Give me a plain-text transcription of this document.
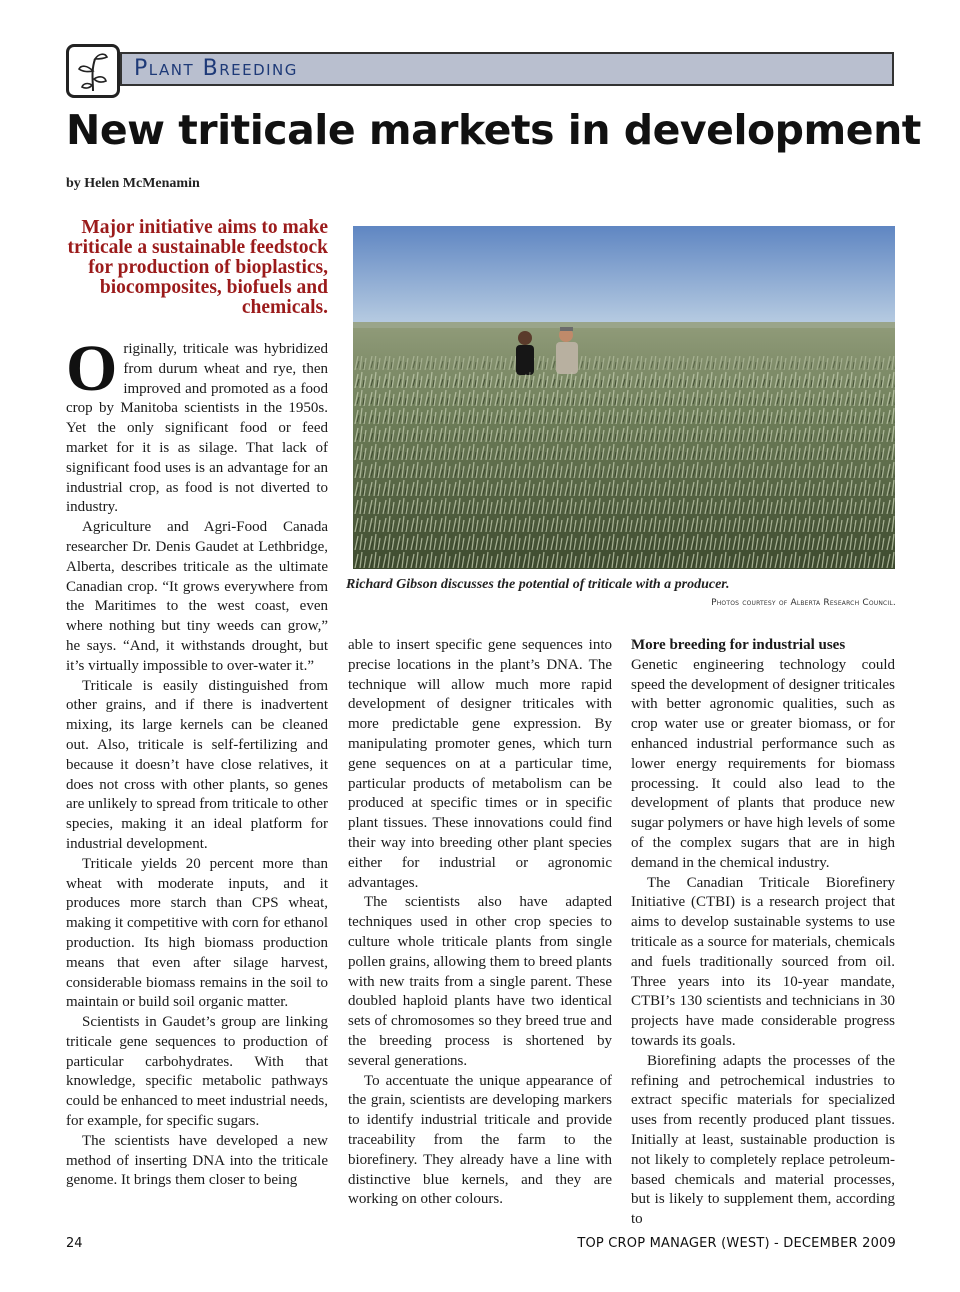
Plant Breeding
New triticale markets in development
by Helen McMenamin
Major initiative aims to make triticale a sustainable feedstock for production of bioplastics, biocomposites, biofuels and chemicals.

Originally, triticale was hybridized from durum wheat and rye, then improved and promoted as a food crop by Manitoba scientists in the 1950s. Yet the only significant food or feed market for it is as silage. That lack of significant food uses is an advantage for an industrial crop, as food is not diverted to industry.

Agriculture and Agri-Food Canada researcher Dr. Denis Gaudet at Lethbridge, Alberta, describes triticale as the ultimate Canadian crop. “It grows everywhere from the Maritimes to the west coast, even where nothing but tiny weeds can grow,” he says. “And, it withstands drought, but it’s virtually impossible to over-water it.”

Triticale is easily distinguished from other grains, and if there is inadvertent mixing, its large kernels can be cleaned out. Also, triticale is self-fertilizing and because it doesn’t have close relatives, it does not cross with other plants, so genes are unlikely to spread from triticale to other species, making it an ideal platform for industrial development.

Triticale yields 20 percent more than wheat with moderate inputs, and it produces more starch than CPS wheat, making it competitive with corn for ethanol production. Its high biomass production means that even after silage harvest, considerable biomass remains in the soil to maintain or build soil organic matter.

Scientists in Gaudet’s group are linking triticale gene sequences to production of particular carbohydrates. With that knowledge, specific metabolic pathways could be enhanced to meet industrial needs, for example, for specific sugars.

The scientists have developed a new method of inserting DNA into the triticale genome. It brings them closer to being

Richard Gibson discusses the potential of triticale with a producer.
Photos courtesy of Alberta Research Council.

able to insert specific gene sequences into precise locations in the plant’s DNA. The technique will allow much more rapid development of designer triticales with more predictable gene expression. By manipulating promoter genes, which turn gene sequences on at a particular time, particular products of metabolism can be produced at specific times or in specific plant tissues. These innovations could find their way into breeding other plant species either for industrial or agronomic advantages.

The scientists also have adapted techniques used in other crop species to culture whole triticale plants from single pollen grains, allowing them to breed plants with new traits from a single parent. These doubled haploid plants have two identical sets of chromosomes so they breed true and the breeding process is shortened by several generations.

To accentuate the unique appearance of the grain, scientists are developing markers to identify industrial triticale and provide traceability from the farm to the biorefinery. They already have a line with distinctive blue kernels, and they are working on other colours.

More breeding for industrial uses

Genetic engineering technology could speed the development of designer triticales with better agronomic qualities, such as crop water use or greater biomass, or for enhanced industrial performance such as lower energy requirements for biomass processing. It could also lead to the development of plants that produce new sugar polymers or have high levels of some of the complex sugars that are in high demand in the chemical industry.

The Canadian Triticale Biorefinery Initiative (CTBI) is a research project that aims to develop sustainable systems to use triticale as a source for materials, chemicals and fuels traditionally sourced from oil. Three years into its 10-year mandate, CTBI’s 130 scientists and technicians in 30 projects have made considerable progress towards its goals.

Biorefining adapts the processes of the refining and petrochemical industries to extract specific materials for specialized uses from recently produced plant tissues. Initially at least, sustainable production is not likely to completely replace petroleum-based chemicals and material processes, but is likely to supplement them, according to

24	TOP CROP MANAGER (WEST) - DECEMBER 2009
